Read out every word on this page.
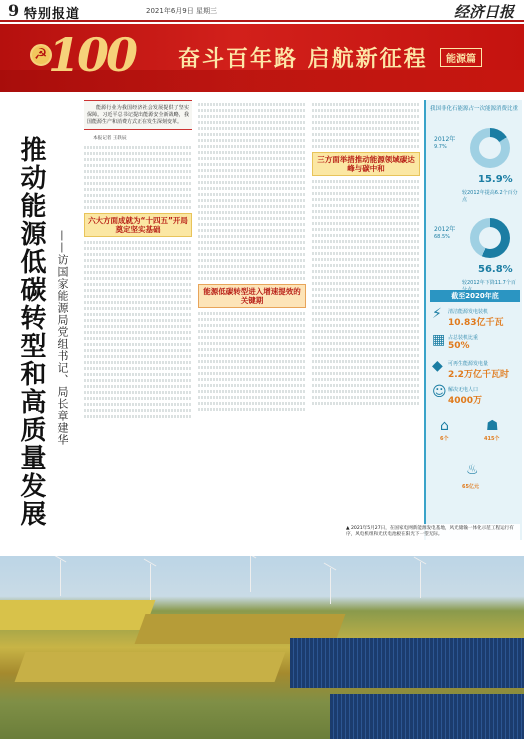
9 特别报道	2021年6月9日 星期三	经济日报
☭
100 奋斗百年路 启航新征程	能源篇
推动能源低碳转型和高质量发展 ——访国家能源局党组书记、局长章建华

能源行业为我国经济社会发展提供了坚实保障。习近平总书记提出能源安全新战略，我国能源生产和消费方式正在发生深刻变革。

本报记者 王轶辰

六大方面成就为“十四五”开局奠定坚实基础
能源低碳转型进入增速提效的关键期
三方面举措推动能源领域碳达峰与碳中和
我国非化石能源占一次能源消费比重
2012年
15.9%
较2012年提高6.2个百分点
9.7%
2012年
56.8%
较2012年下降11.7个百
68.5%
截至2020年底
⚡	清洁能源发电装机
10.83亿千瓦
▦ 占总装机比重
50%
◆	可再生能源发电量
2.2万亿千瓦时
☺ 解决无电人口
4000万
⌂
6个
☗
415个
♨
65亿元
▲ 2021年5月27日，在国家电网新能源发电基地，风光储输一体化示范工程运行有序，风电机组和光伏电池板在阳光下一望无际。
